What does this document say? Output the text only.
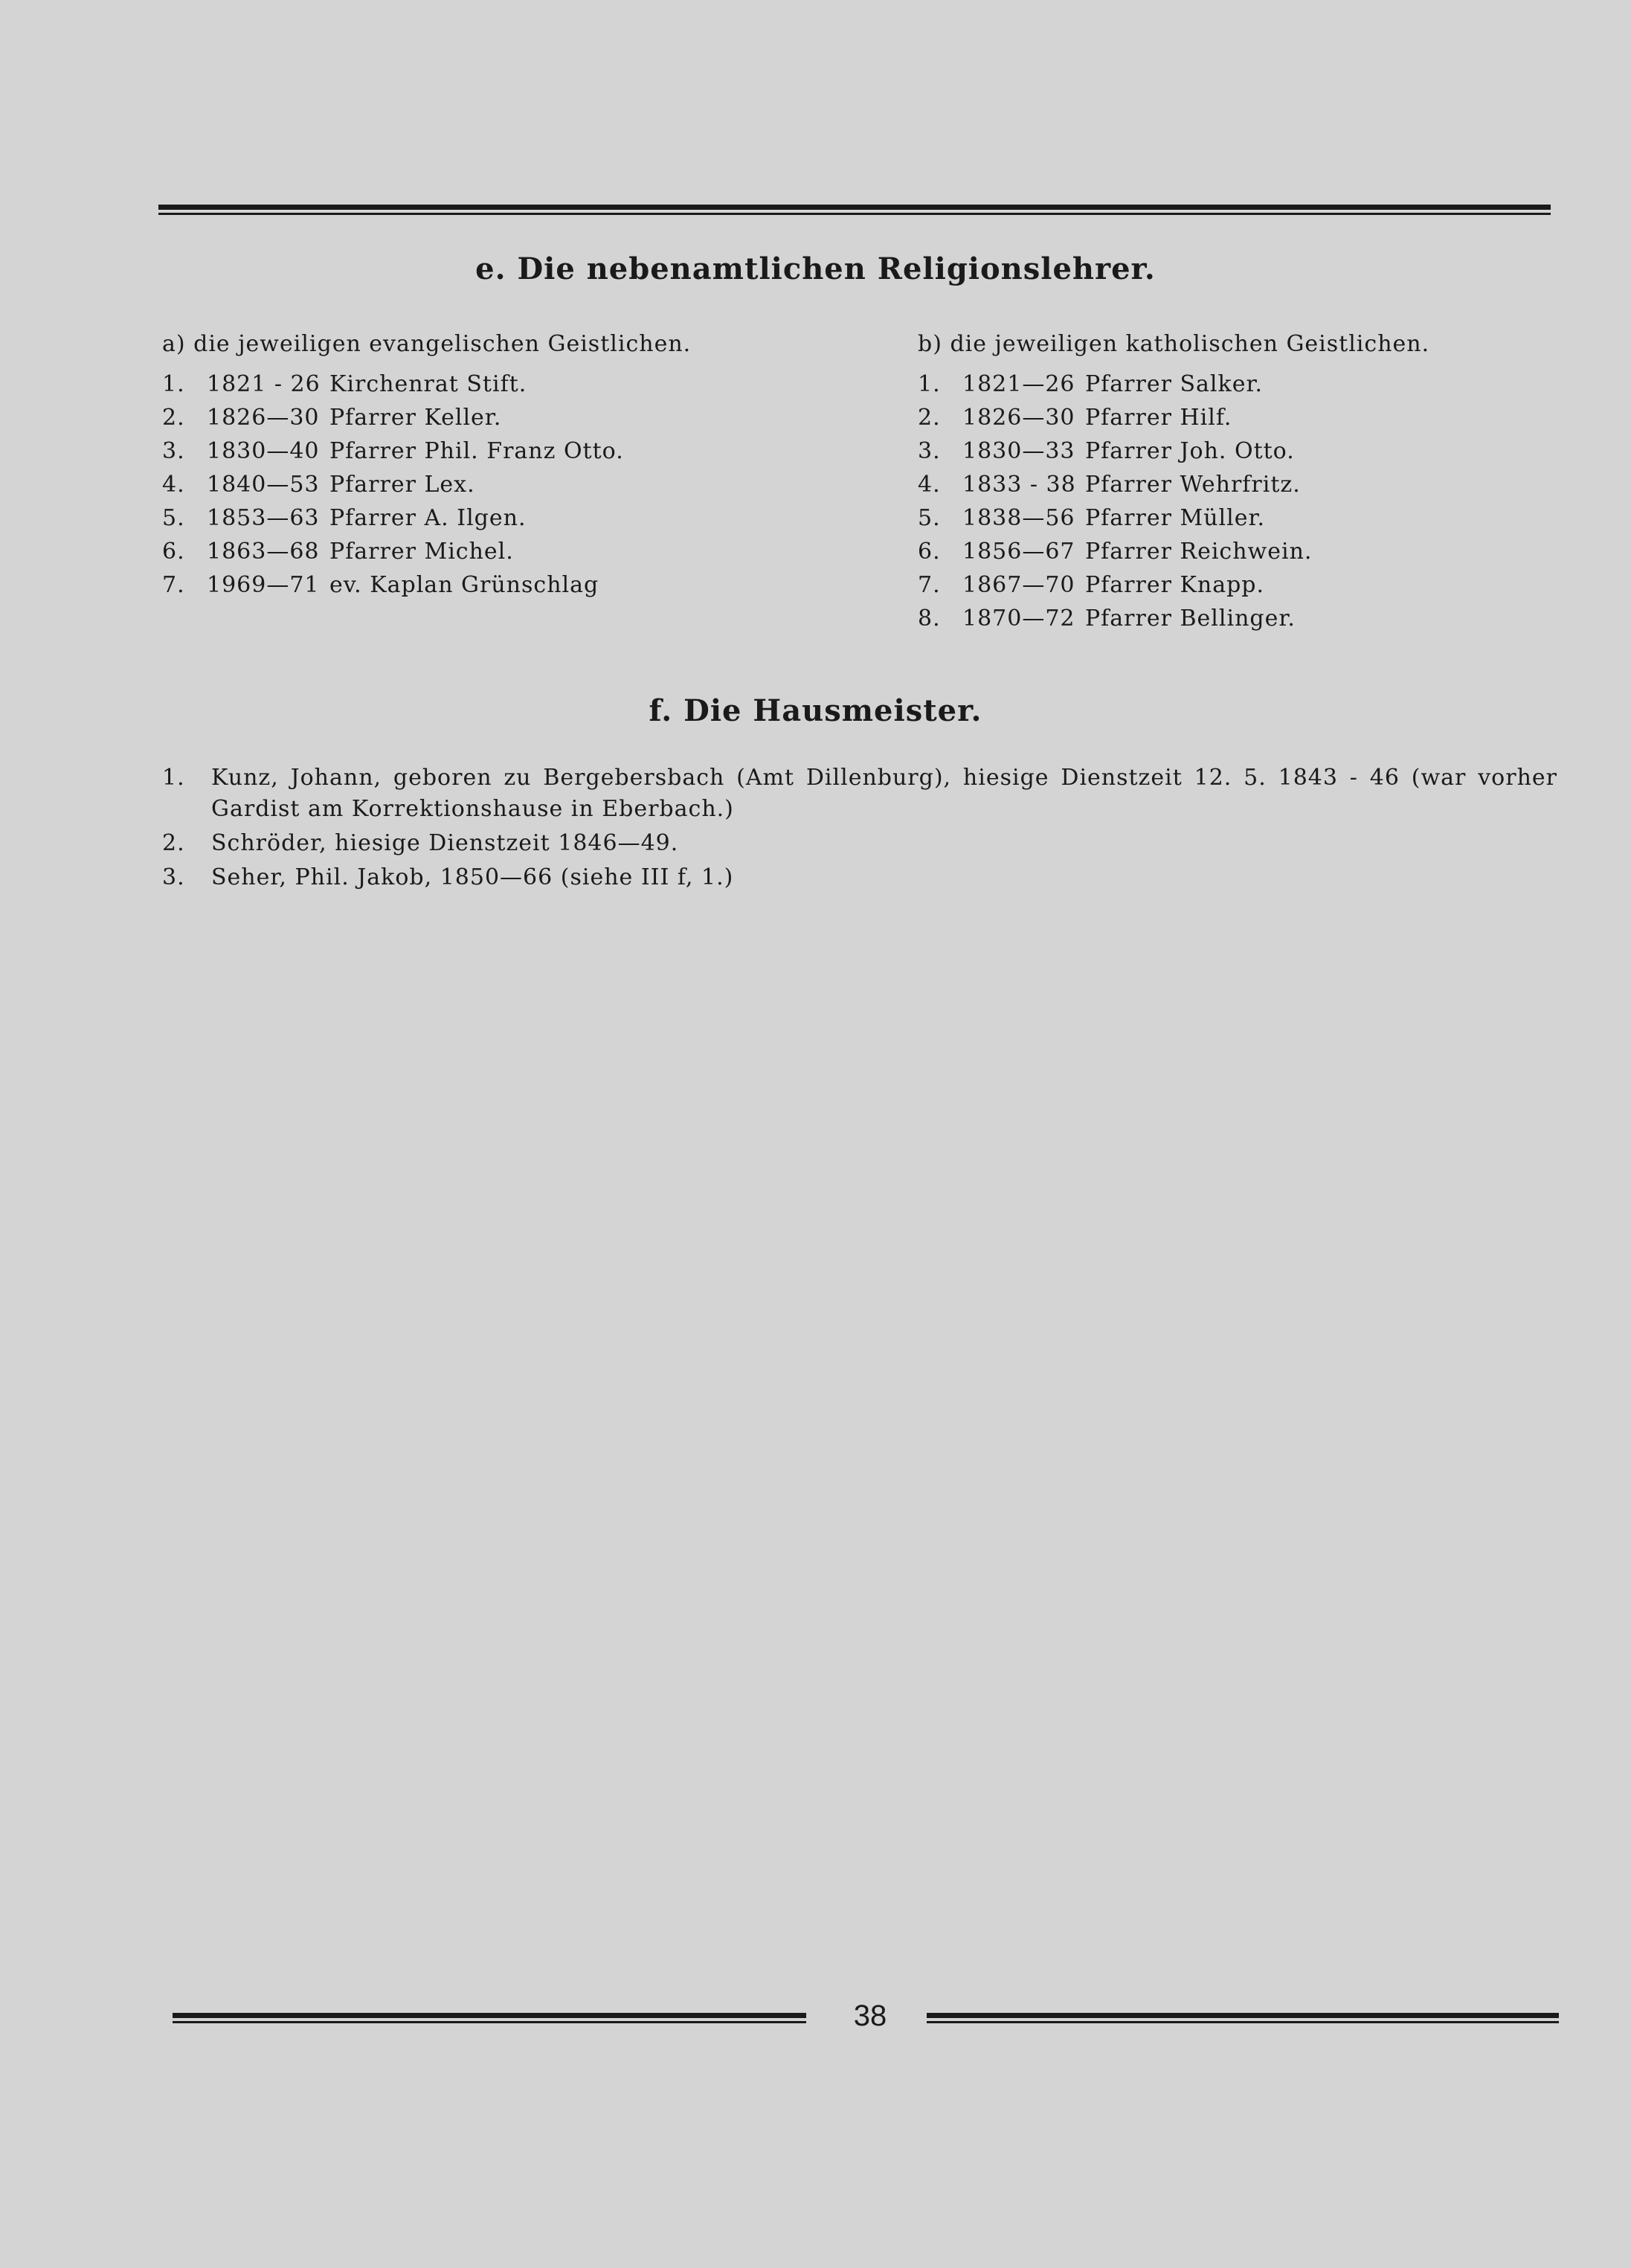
e. Die nebenamtlichen Religionslehrer.
a) die jeweiligen evangelischen Geistlichen.
1. 1821 - 26 Kirchenrat Stift.
2. 1826—30 Pfarrer Keller.
3. 1830—40 Pfarrer Phil. Franz Otto.
4. 1840—53 Pfarrer Lex.
5. 1853—63 Pfarrer A. Ilgen.
6. 1863—68 Pfarrer Michel.
7. 1969—71 ev. Kaplan Grünschlag
b) die jeweiligen katholischen Geistlichen.
1. 1821—26 Pfarrer Salker.
2. 1826—30 Pfarrer Hilf.
3. 1830—33 Pfarrer Joh. Otto.
4. 1833 - 38 Pfarrer Wehrfritz.
5. 1838—56 Pfarrer Müller.
6. 1856—67 Pfarrer Reichwein.
7. 1867—70 Pfarrer Knapp.
8. 1870—72 Pfarrer Bellinger.
f. Die Hausmeister.
1. Kunz, Johann, geboren zu Bergebersbach (Amt Dillenburg), hiesige Dienstzeit 12. 5. 1843 - 46 (war vorher Gardist am Korrektionshause in Eberbach.)
2. Schröder, hiesige Dienstzeit 1846—49.
3. Seher, Phil. Jakob, 1850—66 (siehe III f, 1.)
38
